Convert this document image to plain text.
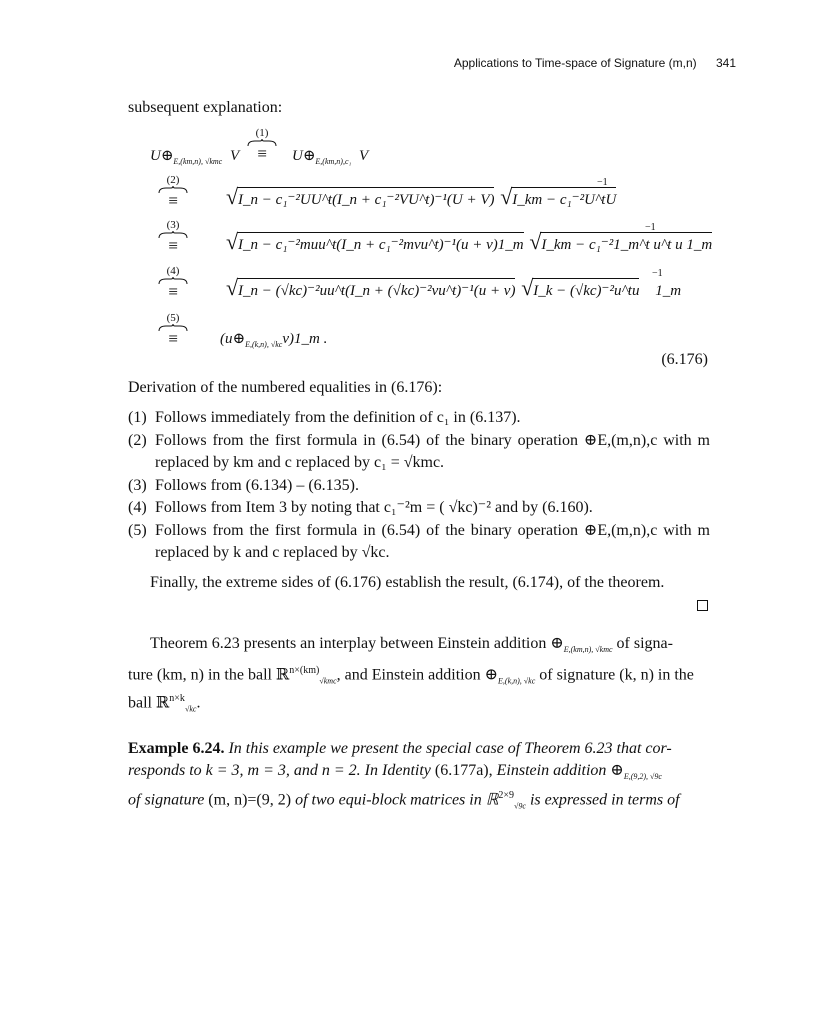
Applications to Time-space of Signature (m,n) 341
subsequent explanation:
$U\oplus_{E,(km,n), √kmc}$ V
(1)
≡	$U\oplus_{E,(km,n),c_1}$ V
(2)
≡	√ I_n − c₁⁻²UU^t(I_n + c₁⁻²VU^t)⁻¹(U + V) √ I_km − c₁⁻²U^tU
−1
(3)
≡	√ I_n − c₁⁻²muu^t(I_n + c₁⁻²mvu^t)⁻¹(u + v)1_m √ I_km − c₁⁻²1_m^t u^t u 1_m
−1
(4)
≡	√ I_n − (√kc)⁻²uu^t(I_n + (√kc)⁻²vu^t)⁻¹(u + v) √ I_k − (√kc)⁻²u^tu 1_m
−1
(5)
≡	$(u\oplus_{E,(k,n), √kc}v)1\_m$ .
(6.176)
Derivation of the numbered equalities in (6.176):
(1) Follows immediately from the definition of c₁ in (6.137).
(2) Follows from the first formula in (6.54) of the binary operation ⊕E,(m,n),c with m replaced by km and c replaced by c₁ = √kmc.
(3) Follows from (6.134) – (6.135).
(4) Follows from Item 3 by noting that c₁⁻²m = ( √kc)⁻² and by (6.160).
(5) Follows from the first formula in (6.54) of the binary operation ⊕E,(m,n),c with m replaced by k and c replaced by √kc.
Finally, the extreme sides of (6.176) establish the result, (6.174), of the theorem.
Theorem 6.23 presents an interplay between Einstein addition $\oplus_{E,(km,n), √kmc}$ of signa-
ture (km, n) in the ball ℝ$^{n\times(km)}_{√kmc}$, and Einstein addition $\oplus_{E,(k,n), √kc}$ of signature (k, n) in the
ball ℝ$^{n\times k}_{√kc}$.
Example 6.24. In this example we present the special case of Theorem 6.23 that cor-
responds to k = 3, m = 3, and n = 2. In Identity (6.177a), Einstein addition $\oplus_{E,(9,2), √9c}$
of signature (m, n)=(9, 2) of two equi-block matrices in ℝ$^{2\times 9}_{√9c}$ is expressed in terms of
